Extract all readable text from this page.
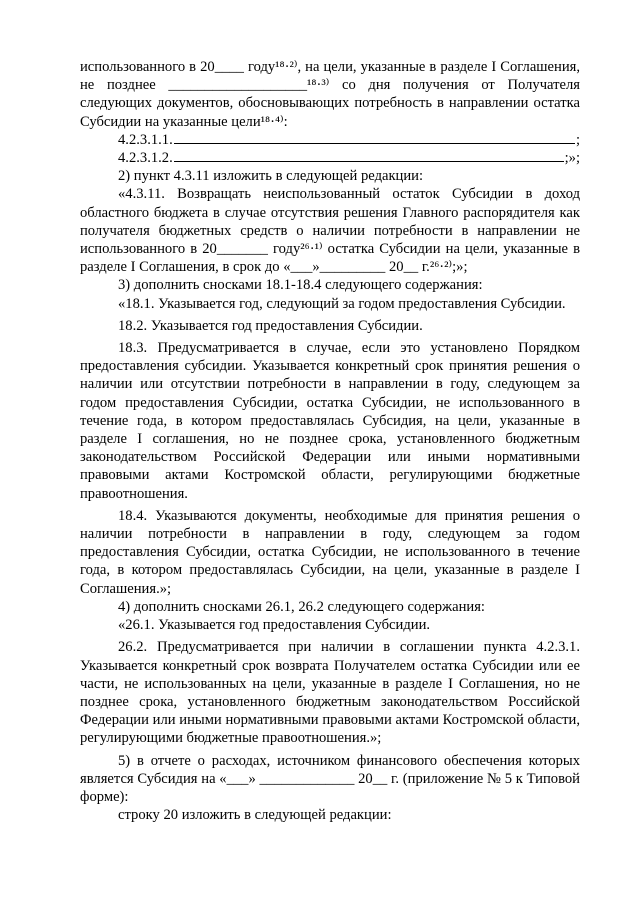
использованного в 20____ году¹⁸·²⁾, на цели, указанные в разделе I Соглашения, не позднее ___________________¹⁸·³⁾ со дня получения от Получателя следующих документов, обосновывающих потребность в направлении остатка Субсидии на указанные цели¹⁸·⁴⁾:

4.2.3.1.1.	;
4.2.3.1.2.	;»;

2) пункт 4.3.11 изложить в следующей редакции:

«4.3.11. Возвращать неиспользованный остаток Субсидии в доход областного бюджета в случае отсутствия решения Главного распорядителя как получателя бюджетных средств о наличии потребности в направлении не использованного в 20_______ году²⁶·¹⁾ остатка Субсидии на цели, указанные в разделе I Соглашения, в срок до «___»_________ 20__ г.²⁶·²⁾;»;

3) дополнить сносками 18.1-18.4 следующего содержания:

«18.1. Указывается год, следующий за годом предоставления Субсидии.

18.2. Указывается год предоставления Субсидии.

18.3. Предусматривается в случае, если это установлено Порядком предоставления субсидии. Указывается конкретный срок принятия решения о наличии или отсутствии потребности в направлении в году, следующем за годом предоставления Субсидии, остатка Субсидии, не использованного в течение года, в котором предоставлялась Субсидия, на цели, указанные в разделе I соглашения, но не позднее срока, установленного бюджетным законодательством Российской Федерации или иными нормативными правовыми актами Костромской области, регулирующими бюджетные правоотношения.

18.4. Указываются документы, необходимые для принятия решения о наличии потребности в направлении в году, следующем за годом предоставления Субсидии, остатка Субсидии, не использованного в течение года, в котором предоставлялась Субсидии, на цели, указанные в разделе I Соглашения.»;

4) дополнить сносками 26.1, 26.2 следующего содержания:

«26.1. Указывается год предоставления Субсидии.

26.2. Предусматривается при наличии в соглашении пункта 4.2.3.1. Указывается конкретный срок возврата Получателем остатка Субсидии или ее части, не использованных на цели, указанные в разделе I Соглашения, но не позднее срока, установленного бюджетным законодательством Российской Федерации или иными нормативными правовыми актами Костромской области, регулирующими бюджетные правоотношения.»;

5) в отчете о расходах, источником финансового обеспечения которых является Субсидия на «___» _____________ 20__ г. (приложение № 5 к Типовой форме):

строку 20 изложить в следующей редакции:
